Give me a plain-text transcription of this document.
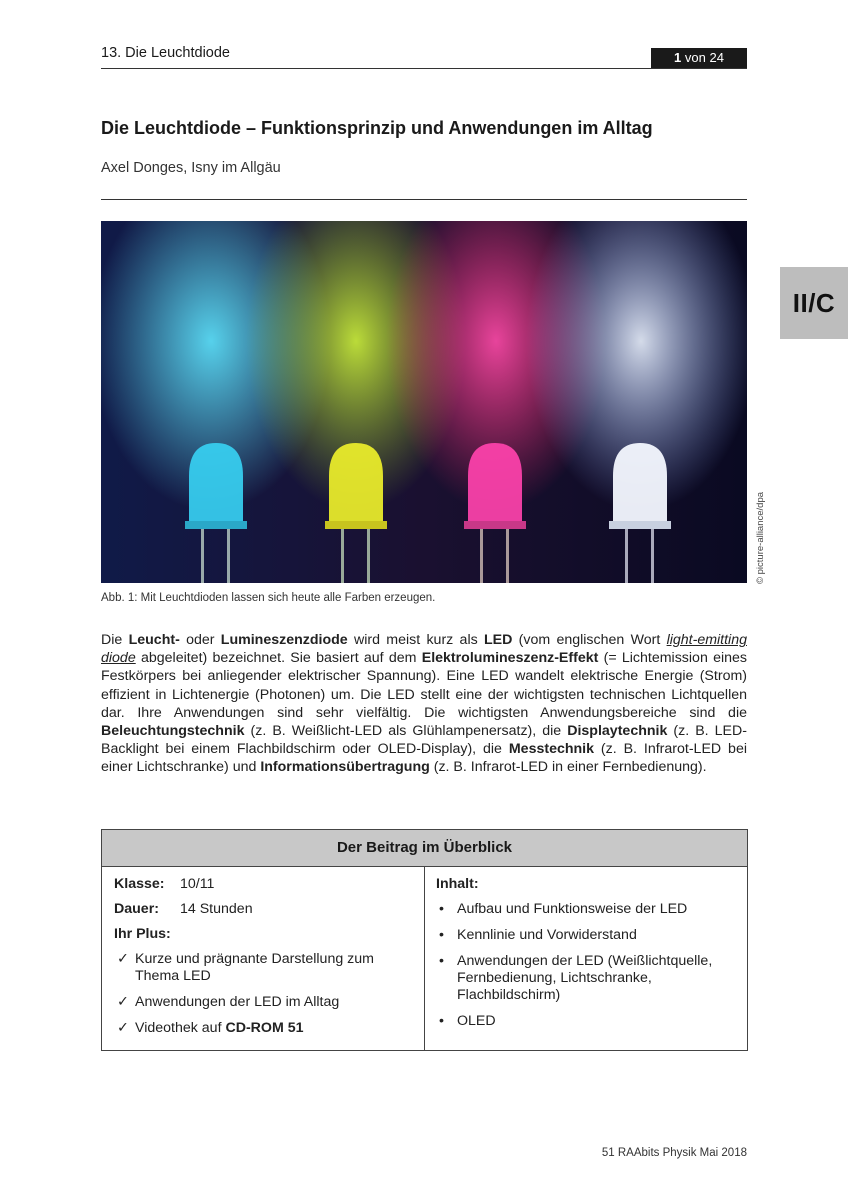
13. Die Leuchtdiode	1 von 24
II/C
Die Leuchtdiode – Funktionsprinzip und Anwendungen im Alltag
Axel Donges, Isny im Allgäu
© picture-alliance/dpa
Abb. 1: Mit Leuchtdioden lassen sich heute alle Farben erzeugen.
Die Leucht- oder Lumineszenzdiode wird meist kurz als LED (vom englischen Wort light-emitting diode abgeleitet) bezeichnet. Sie basiert auf dem Elektrolumineszenz-Effekt (= Lichtemission eines Festkörpers bei anliegender elektrischer Spannung). Eine LED wandelt elektrische Energie (Strom) effizient in Lichtenergie (Photonen) um. Die LED stellt eine der wichtigsten technischen Lichtquellen dar. Ihre Anwendungen sind sehr vielfältig. Die wichtigsten Anwendungsbereiche sind die Beleuchtungstechnik (z. B. Weißlicht-LED als Glühlampenersatz), die Displaytechnik (z. B. LED-Backlight bei einem Flachbildschirm oder OLED-Display), die Messtechnik (z. B. Infrarot-LED bei einer Lichtschranke) und Informationsübertragung (z. B. Infrarot-LED in einer Fernbedienung).
Der Beitrag im Überblick
Klasse: 10/11
Dauer: 14 Stunden
Ihr Plus:
✓ Kurze und prägnante Darstellung zum Thema LED
✓ Anwendungen der LED im Alltag
✓ Videothek auf CD-ROM 51
Inhalt:
• Aufbau und Funktionsweise der LED
• Kennlinie und Vorwiderstand
• Anwendungen der LED (Weißlichtquelle, Fernbedienung, Lichtschranke, Flachbildschirm)
• OLED
51 RAAbits Physik Mai 2018
